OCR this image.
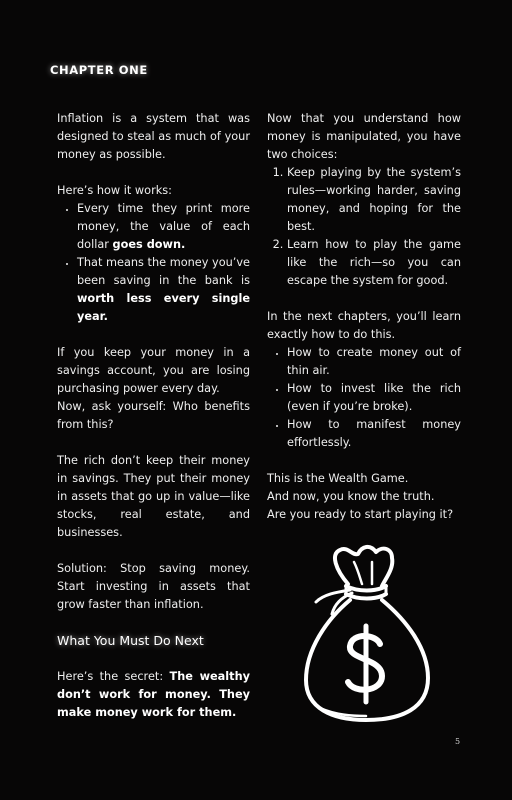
CHAPTER ONE

Inflation is a system that was designed to steal as much of your money as possible.

Here’s how it works:

• Every time they print more money, the value of each dollar goes down.
• That means the money you’ve been saving in the bank is worth less every single year.

If you keep your money in a savings account, you are losing purchasing power every day.

Now, ask yourself: Who benefits from this?

The rich don’t keep their money in savings. They put their money in assets that go up in value—like stocks, real estate, and businesses.

Solution: Stop saving money. Start investing in assets that grow faster than inflation.

What You Must Do Next

Here’s the secret: The wealthy don’t work for money. They make money work for them.

Now that you understand how money is manipulated, you have two choices:

1. Keep playing by the system’s rules—working harder, saving money, and hoping for the best.
2. Learn how to play the game like the rich—so you can escape the system for good.

In the next chapters, you’ll learn exactly how to do this.

• How to create money out of thin air.
• How to invest like the rich (even if you’re broke).
• How to manifest money effortlessly.

This is the Wealth Game.

And now, you know the truth.

Are you ready to start playing it?

5
